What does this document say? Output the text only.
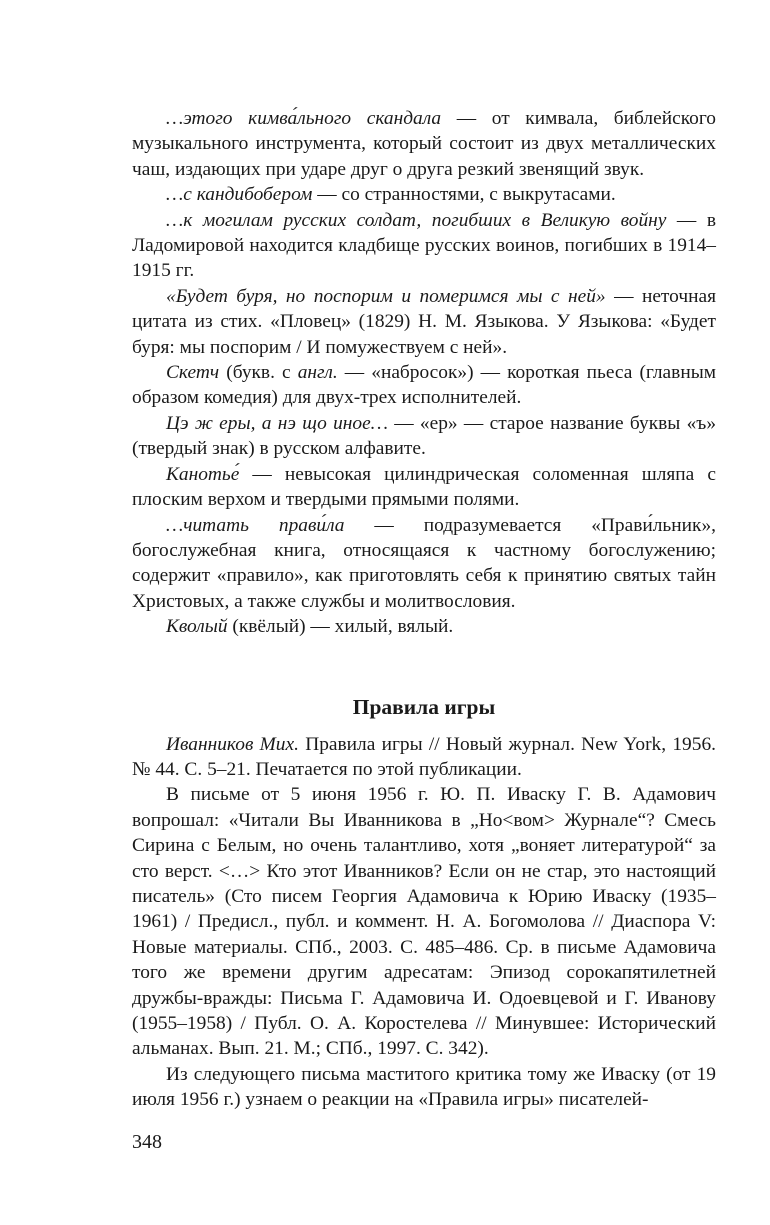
…этого кимва́льного скандала — от кимвала, библейского музыкального инструмента, который состоит из двух металлических чаш, издающих при ударе друг о друга резкий звенящий звук.

…с кандибобером — со странностями, с выкрутасами.

…к могилам русских солдат, погибших в Великую войну — в Ладомировой находится кладбище русских воинов, погибших в 1914–1915 гг.

«Будет буря, но поспорим и померимся мы с ней» — неточная цитата из стих. «Пловец» (1829) Н. М. Языкова. У Языкова: «Будет буря: мы поспорим / И помужествуем с ней».

Скетч (букв. с англ. — «набросок») — короткая пьеса (главным образом комедия) для двух-трех исполнителей.

Цэ ж еры, а нэ що иное… — «ер» — старое название буквы «ъ» (твердый знак) в русском алфавите.

Канотье́ — невысокая цилиндрическая соломенная шляпа с плоским верхом и твердыми прямыми полями.

…читать прави́ла — подразумевается «Прави́льник», богослужебная книга, относящаяся к частному богослужению; содержит «правило», как приготовлять себя к принятию святых тайн Христовых, а также службы и молитвословия.

Кволый (квёлый) — хилый, вялый.

Правила игры

Иванников Мих. Правила игры // Новый журнал. New York, 1956. № 44. С. 5–21. Печатается по этой публикации.

В письме от 5 июня 1956 г. Ю. П. Иваску Г. В. Адамович вопрошал: «Читали Вы Иванникова в „Но<вом> Журнале“? Смесь Сирина с Белым, но очень талантливо, хотя „воняет литературой“ за сто верст. <…> Кто этот Иванников? Если он не стар, это настоящий писатель» (Сто писем Георгия Адамовича к Юрию Иваску (1935–1961) / Предисл., публ. и коммент. Н. А. Богомолова // Диаспора V: Новые материалы. СПб., 2003. С. 485–486. Ср. в письме Адамовича того же времени другим адресатам: Эпизод сорокапятилетней дружбы-вражды: Письма Г. Адамовича И. Одоевцевой и Г. Иванову (1955–1958) / Публ. О. А. Коростелева // Минувшее: Исторический альманах. Вып. 21. М.; СПб., 1997. С. 342).

Из следующего письма маститого критика тому же Иваску (от 19 июля 1956 г.) узнаем о реакции на «Правила игры» писателей-

348
